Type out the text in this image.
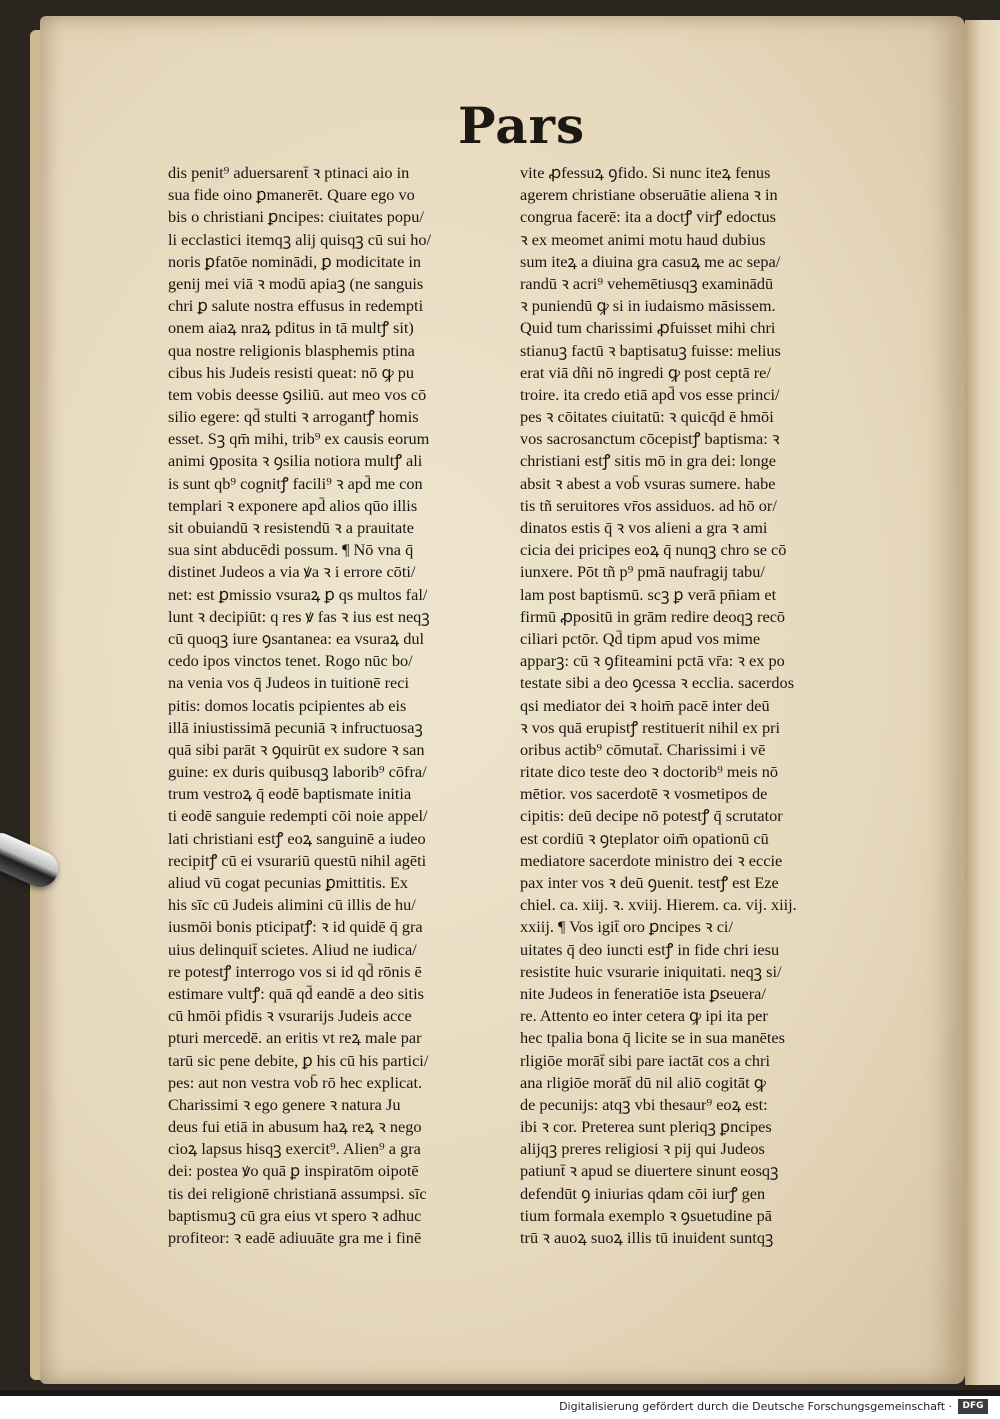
Pars
dis penit⁹ aduersarent̄ ꝛ ptinaci aio in
sua fide oino ꝑmanerēt. Quare ego vo
bis o christiani ꝑncipes: ciuitates popu/
li ecclastici itemqꝫ alij quisqꝫ cū sui ho/
noris ꝑfatōe nominādi, ꝑ modicitate in
genij mei viā ꝛ modū apiaꝫ (ne sanguis
chri ꝑ salute nostra effusus in redempti
onem aiaꝝ nraꝝ pditus in tā multꝭ sit)
qua nostre religionis blasphemis ptina
cibus his Judeis resisti queat: nō ꝙ pu
tem vobis deesse ꝯsiliū. aut meo vos cō
silio egere: qd̄ stulti ꝛ arrogantꝭ homis
esset. Sꝫ qm̄ mihi, trib⁹ ex causis eorum
animi ꝯposita ꝛ ꝯsilia notiora multꝭ ali
is sunt qb⁹ cognitꝭ facili⁹ ꝛ apd̄ me con
templari ꝛ exponere apd̄ alios qūo illis
sit obuiandū ꝛ resistendū ꝛ a prauitate
sua sint abducēdi possum. ¶ Nō vna q̄
distinet Judeos a via ꝟa ꝛ i errore cōti/
net: est ꝑmissio vsuraꝝ ꝑ qs multos fal/
lunt ꝛ decipiūt: q res ꝟ fas ꝛ ius est neqꝫ
cū quoqꝫ iure ꝯsantanea: ea vsuraꝝ dul
cedo ipos vinctos tenet. Rogo nūc bo/
na venia vos q̄ Judeos in tuitionē reci
pitis: domos locatis pcipientes ab eis
illā iniustissimā pecuniā ꝛ infructuosaꝫ
quā sibi parāt ꝛ ꝯquirūt ex sudore ꝛ san
guine: ex duris quibusqꝫ laborib⁹ cōfra/
trum vestroꝝ q̄ eodē baptismate initia
ti eodē sanguie redempti cōi noie appel/
lati christiani estꝭ eoꝝ sanguinē a iudeo
recipitꝭ cū ei vsurariū questū nihil agēti
aliud vū cogat pecunias ꝑmittitis. Ex
his sīc cū Judeis alimini cū illis de hu/
iusmōi bonis pticipatꝭ: ꝛ id quidē q̄ gra
uius delinquit̄ scietes. Aliud ne iudica/
re potestꝭ interrogo vos si id qd̄ rōnis ē
estimare vultꝭ: quā qd̄ eandē a deo sitis
cū hmōi pfidis ꝛ vsurarijs Judeis acce
pturi mercedē. an eritis vt reꝝ male par
tarū sic pene debite, ꝑ his cū his partici/
pes: aut non vestra vob̄ rō hec explicat.
Charissimi ꝛ ego genere ꝛ natura Ju
deus fui etiā in abusum haꝝ reꝝ ꝛ nego
cioꝝ lapsus hisqꝫ exercit⁹. Alien⁹ a gra
dei: postea ꝟo quā ꝑ inspiratōm oipotē
tis dei religionē christianā assumpsi. sīc
baptismuꝫ cū gra eius vt spero ꝛ adhuc
profiteor: ꝛ eadē adiuuāte gra me i finē
vite ꝓfessuꝝ ꝯfido. Si nunc iteꝝ fenus
agerem christiane obseruātie aliena ꝛ in
congrua facerē: ita a doctꝭ virꝭ edoctus
ꝛ ex meomet animi motu haud dubius
sum iteꝝ a diuina gra casuꝝ me ac sepa/
randū ꝛ acri⁹ vehemētiusqꝫ examinādū
ꝛ puniendū ꝙ si in iudaismo māsissem.
Quid tum charissimi ꝓfuisset mihi chri
stianuꝫ factū ꝛ baptisatuꝫ fuisse: melius
erat viā dñi nō ingredi ꝙ post ceptā re/
troire. ita credo etiā apd̄ vos esse princi/
pes ꝛ cōitates ciuitatū: ꝛ quicq̄d ē hmōi
vos sacrosanctum cōcepistꝭ baptisma: ꝛ
christiani estꝭ sitis mō in gra dei: longe
absit ꝛ abest a vob̄ vsuras sumere. habe
tis tñ seruitores vr̄os assiduos. ad hō or/
dinatos estis q̄ ꝛ vos alieni a gra ꝛ ami
cicia dei pricipes eoꝝ q̄ nunqꝫ chro se cō
iunxere. Pōt tñ p⁹ pmā naufragij tabu/
lam post baptismū. scꝫ ꝑ verā pn̄iam et
firmū ꝓpositū in grām redire deoqꝫ recō
ciliari pctōr. Qd̄ tipm apud vos mime
apparꝫ: cū ꝛ ꝯfiteamini pctā vr̄a: ꝛ ex po
testate sibi a deo ꝯcessa ꝛ ecclia. sacerdos
qsi mediator dei ꝛ hoim̄ pacē inter deū
ꝛ vos quā erupistꝭ restituerit nihil ex pri
oribus actib⁹ cōmutat̄. Charissimi i vē
ritate dico teste deo ꝛ doctorib⁹ meis nō
mētior. vos sacerdotē ꝛ vosmetipos de
cipitis: deū decipe nō potestꝭ q̄ scrutator
est cordiū ꝛ ꝯteplator oim̄ opationū cū
mediatore sacerdote ministro dei ꝛ eccie
pax inter vos ꝛ deū ꝯuenit. testꝭ est Eze
chiel. ca. xiij. ꝛ. xviij. Hierem. ca. vij. xiij.
xxiij. ¶ Vos igit̄ oro ꝑncipes ꝛ ci/
uitates q̄ deo iuncti estꝭ in fide chri iesu
resistite huic vsurarie iniquitati. neqꝫ si/
nite Judeos in feneratiōe ista ꝑseuera/
re. Attento eo inter cetera ꝙ ipi ita per
hec tpalia bona q̄ licite se in sua manētes
rligiōe morāt̄ sibi pare iactāt cos a chri
ana rligiōe morāt̄ dū nil aliō cogitāt ꝙ
de pecunijs: atqꝫ vbi thesaur⁹ eoꝝ est:
ibi ꝛ cor. Preterea sunt pleriqꝫ ꝑncipes
alijqꝫ preres religiosi ꝛ pij qui Judeos
patiunt̄ ꝛ apud se diuertere sinunt eosqꝫ
defendūt ꝯ iniurias qdam cōi iurꝭ gen
tium formala exemplo ꝛ ꝯsuetudine pā
trū ꝛ auoꝝ suoꝝ illis tū inuident suntqꝫ
Digitalisierung gefördert durch die Deutsche Forschungsgemeinschaft ·	DFG
